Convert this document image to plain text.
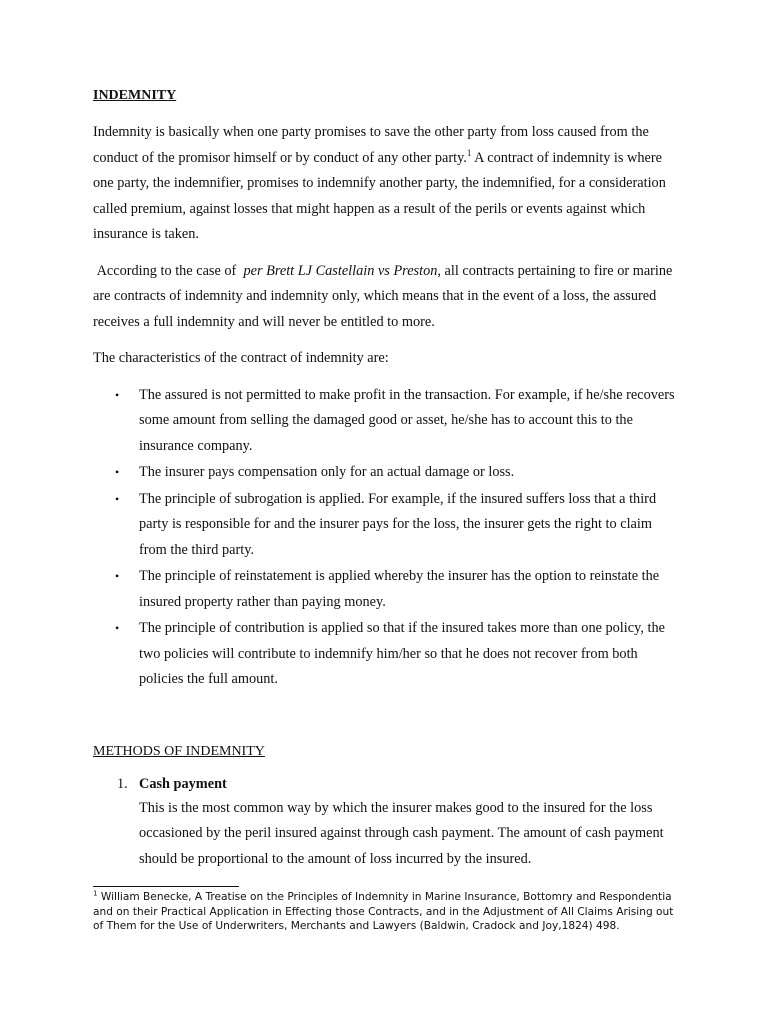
INDEMNITY

Indemnity is basically when one party promises to save the other party from loss caused from the conduct of the promisor himself or by conduct of any other party.$^1$ A contract of indemnity is where one party, the indemnifier, promises to indemnify another party, the indemnified, for a consideration called premium, against losses that might happen as a result of the perils or events against which insurance is taken.

According to the case of  per Brett LJ Castellain vs Preston, all contracts pertaining to fire or marine are contracts of indemnity and indemnity only, which means that in the event of a loss, the assured receives a full indemnity and will never be entitled to more.

The characteristics of the contract of indemnity are:

• The assured is not permitted to make profit in the transaction. For example, if he/she recovers some amount from selling the damaged good or asset, he/she has to account this to the insurance company.
• The insurer pays compensation only for an actual damage or loss.
• The principle of subrogation is applied. For example, if the insured suffers loss that a third party is responsible for and the insurer pays for the loss, the insurer gets the right to claim from the third party.
• The principle of reinstatement is applied whereby the insurer has the option to reinstate the insured property rather than paying money.
• The principle of contribution is applied so that if the insured takes more than one policy, the two policies will contribute to indemnify him/her so that he does not recover from both policies the full amount.
METHODS OF INDEMNITY
1. Cash payment
This is the most common way by which the insurer makes good to the insured for the loss occasioned by the peril insured against through cash payment. The amount of cash payment should be proportional to the amount of loss incurred by the insured.
$^1$ William Benecke, A Treatise on the Principles of Indemnity in Marine Insurance, Bottomry and Respondentia and on their Practical Application in Effecting those Contracts, and in the Adjustment of All Claims Arising out of Them for the Use of Underwriters, Merchants and Lawyers (Baldwin, Cradock and Joy,1824) 498.
